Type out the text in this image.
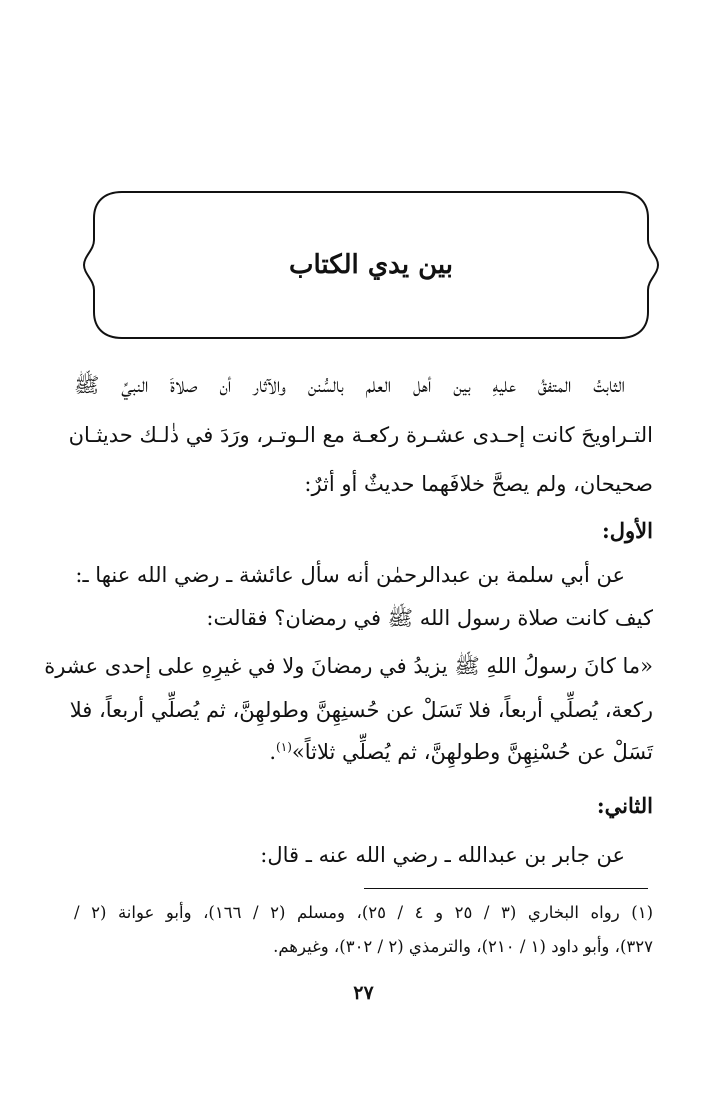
بين يدي الكتاب
الثابتُ المتفقُ عليهِ بين أهل العلم بالسُّنن والآثار أن صلاةَ النبيِّ ﷺ
التـراويحَ كانت إحـدى عشـرة ركعـة مع الـوتـر، ورَدَ في ذٰلـك حديثـان
صحيحان، ولم يصحَّ خلافَهما حديثٌ أو أثرٌ:
الأول:
عن أبي سلمة بن عبدالرحمٰن أنه سأل عائشة ـ رضي الله عنها ـ:
كيف كانت صلاة رسول الله ﷺ في رمضان؟ فقالت:
«ما كانَ رسولُ اللهِ ﷺ يزيدُ في رمضانَ ولا في غيرِهِ على إحدى عشرة
ركعة، يُصلِّي أربعاً، فلا تَسَلْ عن حُسنِهِنَّ وطولهِنَّ، ثم يُصلِّي أربعاً، فلا
تَسَلْ عن حُسْنِهِنَّ وطولهِنَّ، ثم يُصلِّي ثلاثاً»$^{(١)}$.
الثاني:
عن جابر بن عبدالله ـ رضي الله عنه ـ قال:
(١) رواه البخاري (٣ / ٢٥ و ٤ / ٢٥)، ومسلم (٢ / ١٦٦)، وأبو عوانة (٢ /
٣٢٧)، وأبو داود (١ / ٢١٠)، والترمذي (٢ / ٣٠٢)، وغيرهم.
٢٧
